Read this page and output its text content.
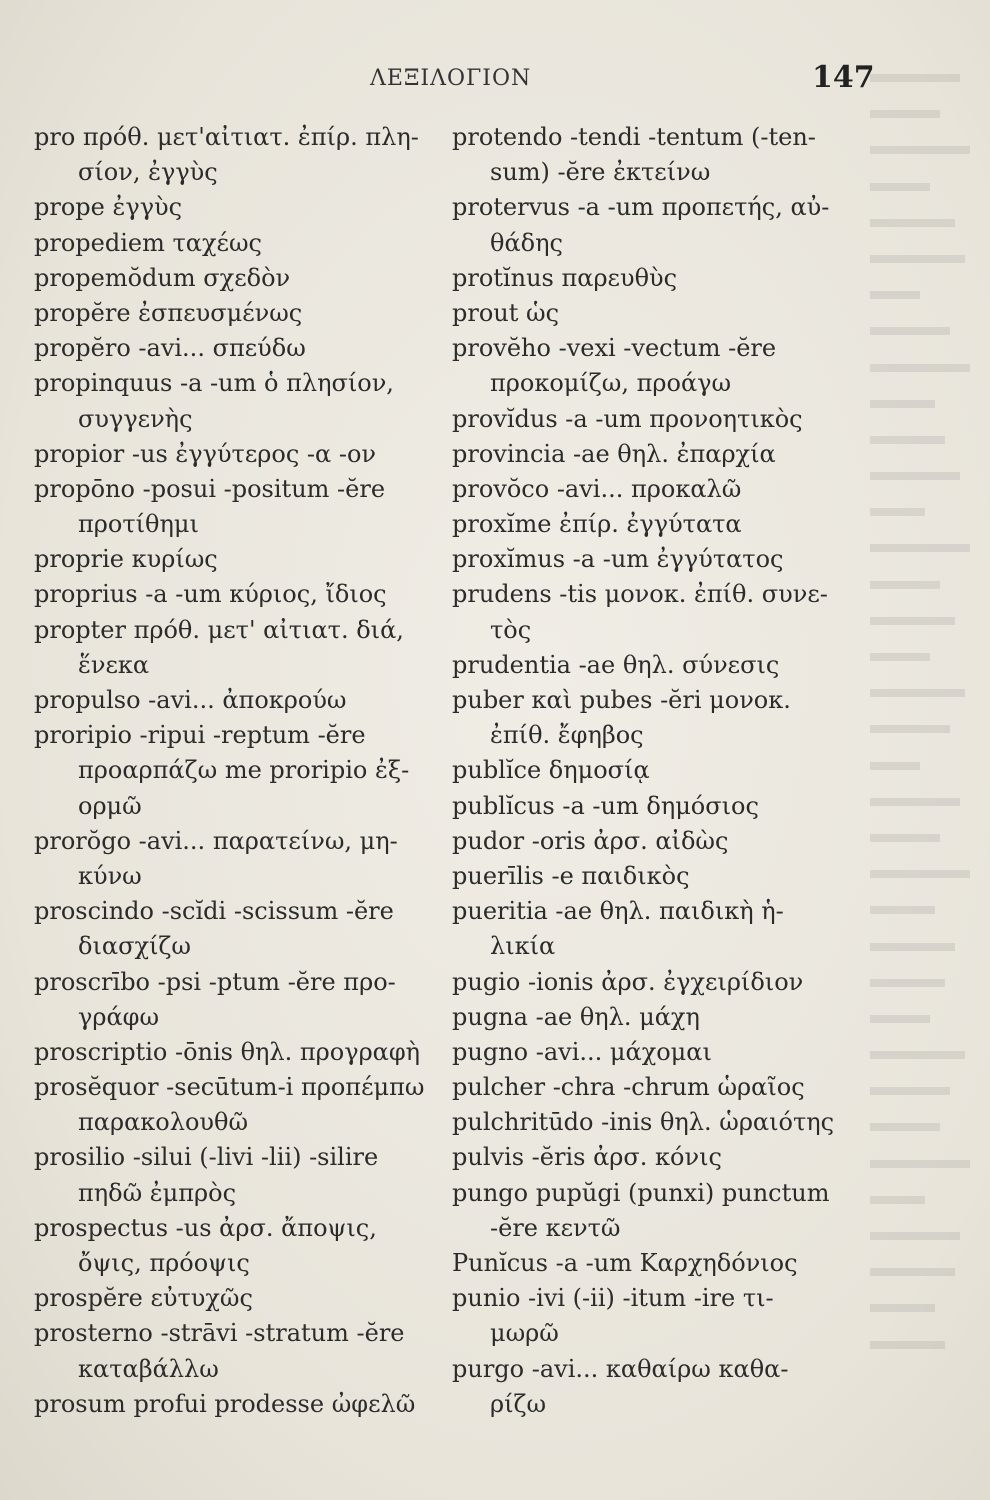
ΛΕΞΙΛΟΓΙΟΝ	147
pro πρόθ. μετ'αἰτιατ. ἐπίρ. πλη-
σίον, ἐγγὺς
prope ἐγγὺς
propediem ταχέως
propemŏdum σχεδὸν
propĕre ἐσπευσμένως
propĕro -avi... σπεύδω
propinquus -a -um ὁ πλησίον,
συγγενὴς
propior -us ἐγγύτερος -α -ον
propōno -posui -positum -ĕre
προτίθημι
proprie κυρίως
proprius -a -um κύριος, ἴδιος
propter πρόθ. μετ' αἰτιατ. διά,
ἕνεκα
propulso -avi... ἀποκρούω
proripio -ripui -reptum -ĕre
προαρπάζω me proripio ἐξ-
ορμῶ
prorŏgo -avi... παρατείνω, μη-
κύνω
proscindo -scĭdi -scissum -ĕre
διασχίζω
proscrībo -psi -ptum -ĕre προ-
γράφω
proscriptio -ōnis θηλ. προγραφὴ
prosĕquor -secūtum-i προπέμπω
παρακολουθῶ
prosilio -silui (-livi -lii) -silire
πηδῶ ἐμπρὸς
prospectus -us ἀρσ. ἄποψις,
ὄψις, πρόοψις
prospĕre εὐτυχῶς
prosterno -strāvi -stratum -ĕre
καταβάλλω
prosum profui prodesse ὠφελῶ
protendo -tendi -tentum (-ten-
sum) -ĕre ἐκτείνω
protervus -a -um προπετής, αὐ-
θάδης
protĭnus παρευθὺς
prout ὡς
provĕho -vexi -vectum -ĕre
προκομίζω, προάγω
provĭdus -a -um προνοητικὸς
provincia -ae θηλ. ἐπαρχία
provŏco -avi... προκαλῶ
proxĭme ἐπίρ. ἐγγύτατα
proxĭmus -a -um ἐγγύτατος
prudens -tis μονοκ. ἐπίθ. συνε-
τὸς
prudentia -ae θηλ. σύνεσις
puber καὶ pubes -ĕri μονοκ.
ἐπίθ. ἔφηβος
publĭce δημοσίᾳ
publĭcus -a -um δημόσιος
pudor -oris ἀρσ. αἰδὼς
puerīlis -e παιδικὸς
pueritia -ae θηλ. παιδικὴ ἡ-
λικία
pugio -ionis ἀρσ. ἐγχειρίδιον
pugna -ae θηλ. μάχη
pugno -avi... μάχομαι
pulcher -chra -chrum ὡραῖος
pulchritūdo -inis θηλ. ὡραιότης
pulvis -ĕris ἀρσ. κόνις
pungo pupŭgi (punxi) punctum
-ĕre κεντῶ
Punĭcus -a -um Καρχηδόνιος
punio -ivi (-ii) -itum -ire τι-
μωρῶ
purgo -avi... καθαίρω καθα-
ρίζω
